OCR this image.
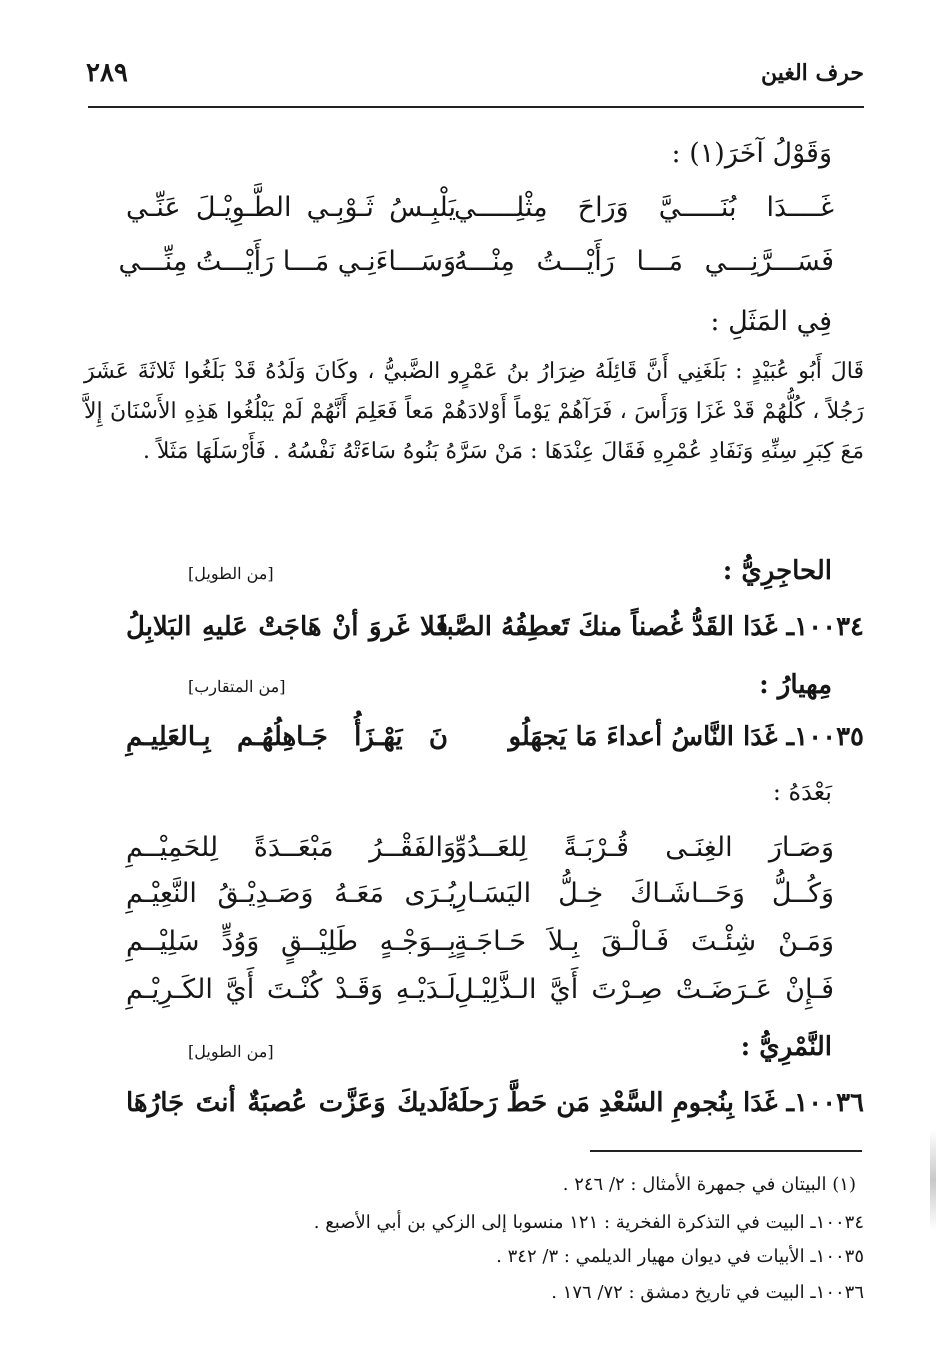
حرف الغين
٢٨٩
وَقَوْلُ آخَرَ(١) :
غَــــدَا بُنَـــــيَّ وَرَاحَ مِثْلِـــــي
يَلْبِـسُ ثَـوْبِـي الطَّـوِيْـلَ عَنِّـي
فَسَـــرَّنِـــي مَـــا رَأَيْـــتُ مِنْـــهُ
وَسَـــاءَنِـي مَـــا رَأَيْـــتُ مِنِّـــي
فِي المَثَلِ :
قَالَ أَبُو عُبَيْدٍ : بَلَغَنِي أَنَّ قَائِلَهُ ضِرَارُ بنُ عَمْرٍو الضَّبيُّ ، وكَانَ وَلَدُهُ قَدْ بَلَغُوا ثَلاثَةَ عَشَرَ رَجُلاً ، كُلُّهُمْ قَدْ غَزَا وَرَأَسَ ، فَرَآهُمْ يَوْماً أَوْلادَهُمْ مَعاً فَعَلِمَ أَنَّهُمْ لَمْ يَبْلُغُوا هَذِهِ الأَسْنَانَ إِلاَّ مَعَ كِبَرِ سِنِّهِ وَنَفَادِ عُمْرِهِ فَقَالَ عِنْدَهَا : مَنْ سَرَّهُ بَنُوهُ سَاءَتْهُ نَفْسُهُ . فَأَرْسَلَهَا مَثَلاً .
الحاجِرِيُّ :
[من الطويل]
١٠٠٣٤ـ غَدَا القَدُّ غُصناً منكَ تَعطِفُهُ الصَّبا
فَلا غَروَ أنْ هَاجَتْ عَليهِ البَلابِلُ
مِهيارُ :
[من المتقارب]
١٠٠٣٥ـ غَدَا النَّاسُ أعداءَ مَا يَجهَلُو
نَ يَهْـزَأُ جَـاهِلُهُـم بِـالعَلِيـمِ
بَعْدَهُ :
وَصَـارَ الغِنَـى قُـرْبَـةً لِلعَــدُوِّ
وَالفَقْــرُ مَبْعَــدَةً لِلحَمِيْــمِ
وَكُــلُّ وَحَــاشَـاكَ خِـلُّ اليَسَـارِ
يُـرَى مَعَـهُ وَصَـدِيْـقُ النَّعِيْـمِ
وَمَـنْ شِئْـتَ فَـالْـقَ بِـلاَ حَـاجَـةٍ
بِــوَجْـهٍ طَلِيْــقٍ وَوُدٍّ سَلِيْــمِ
فَـإِنْ عَـرَضَـتْ صِـرْتَ أَيَّ الـذَّلِيْـلِ
لَـدَيْـهِ وَقَـدْ كُنْـتَ أَيَّ الكَـرِيْـمِ
النَّمْرِيُّ :
[من الطويل]
١٠٠٣٦ـ غَدَا بِنُجومِ السَّعْدِ مَن حَطَّ رَحلَهُ
لَديكَ وَعَزَّت عُصبَةٌ أنتَ جَارُهَا
(١) البيتان في جمهرة الأمثال : ٢/ ٢٤٦ .
١٠٠٣٤ـ البيت في التذكرة الفخرية : ١٢١ منسوبا إلى الزكي بن أبي الأصبع .
١٠٠٣٥ـ الأبيات في ديوان مهيار الديلمي : ٣/ ٣٤٢ .
١٠٠٣٦ـ البيت في تاريخ دمشق : ٧٢/ ١٧٦ .
